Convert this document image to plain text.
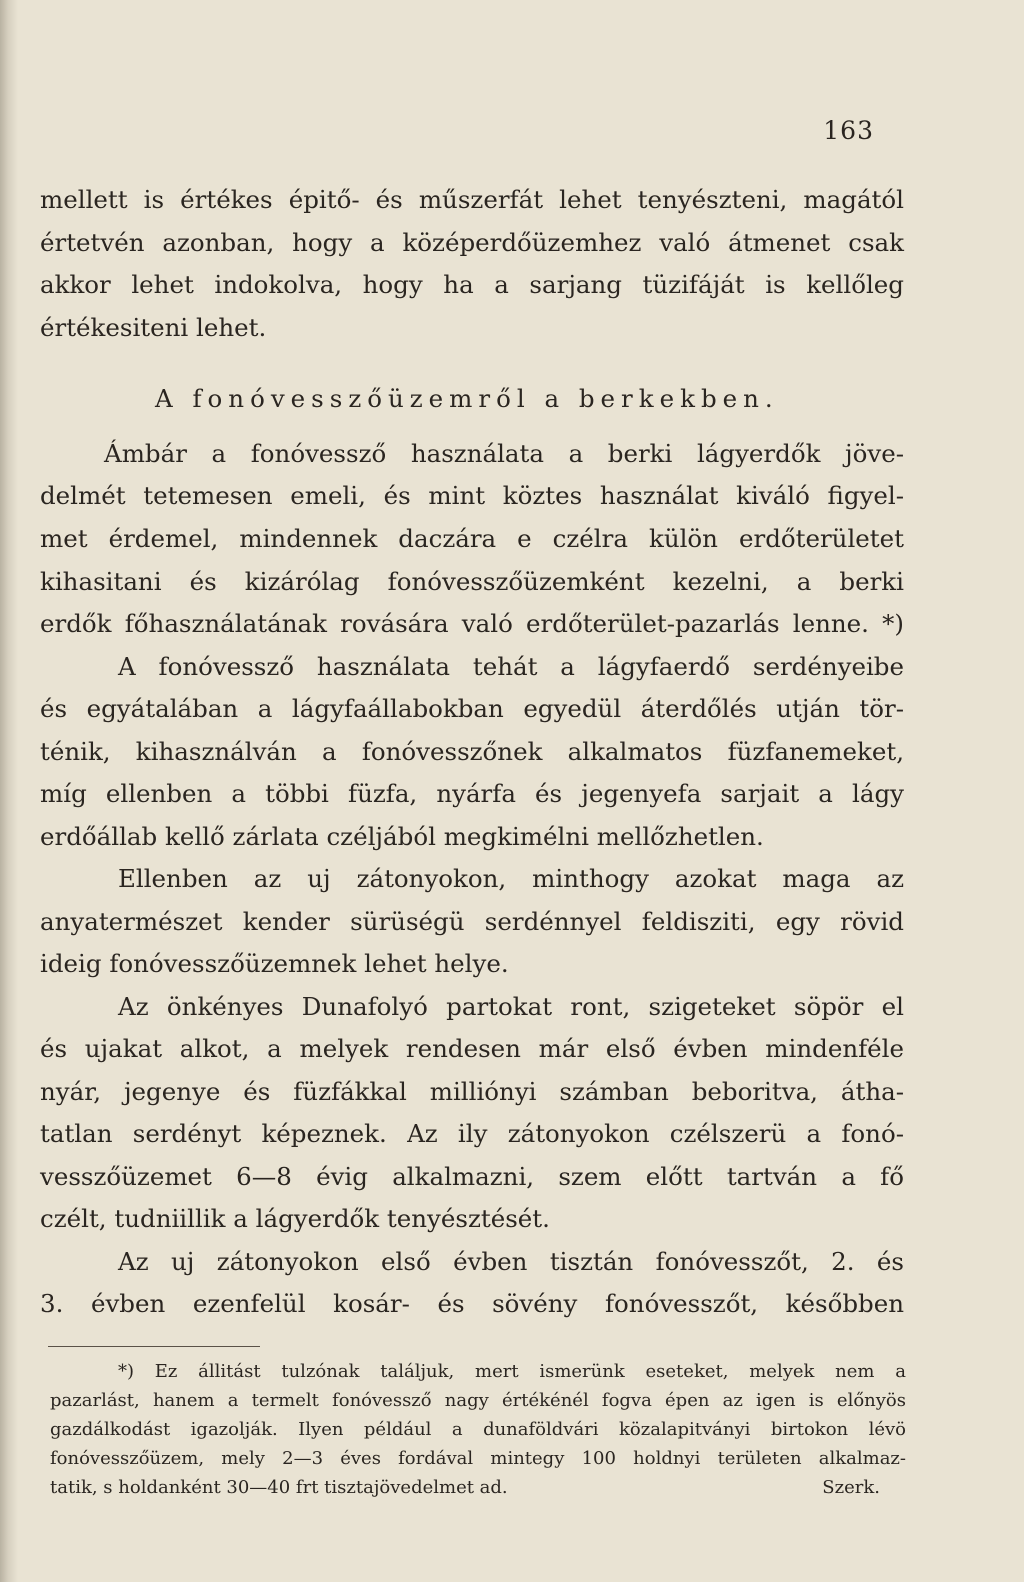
163
mellett is értékes épitő- és műszerfát lehet tenyészteni, magától
értetvén azonban, hogy a középerdőüzemhez való átmenet csak
akkor lehet indokolva, hogy ha a sarjang tüzifáját is kellőleg
értékesiteni lehet.
A fonóvesszőüzemről a berkekben.
Ámbár a fonóvessző használata a berki lágyerdők jöve-
delmét tetemesen emeli, és mint köztes használat kiváló figyel-
met érdemel, mindennek daczára e czélra külön erdőterületet
kihasitani és kizárólag fonóvesszőüzemként kezelni, a berki
erdők főhasználatának rovására való erdőterület-pazarlás lenne. *)
A fonóvessző használata tehát a lágyfaerdő serdényeibe
és egyátalában a lágyfaállabokban egyedül áterdőlés utján tör-
ténik, kihasználván a fonóvesszőnek alkalmatos füzfanemeket,
míg ellenben a többi füzfa, nyárfa és jegenyefa sarjait a lágy
erdőállab kellő zárlata czéljából megkimélni mellőzhetlen.
Ellenben az uj zátonyokon, minthogy azokat maga az
anyatermészet kender sürüségü serdénnyel feldisziti, egy rövid
ideig fonóvesszőüzemnek lehet helye.
Az önkényes Dunafolyó partokat ront, szigeteket söpör el
és ujakat alkot, a melyek rendesen már első évben mindenféle
nyár, jegenye és füzfákkal milliónyi számban beboritva, átha-
tatlan serdényt képeznek. Az ily zátonyokon czélszerü a fonó-
vesszőüzemet 6—8 évig alkalmazni, szem előtt tartván a fő
czélt, tudniillik a lágyerdők tenyésztését.
Az uj zátonyokon első évben tisztán fonóvesszőt, 2. és
3. évben ezenfelül kosár- és sövény fonóvesszőt, későbben
*) Ez állitást tulzónak találjuk, mert ismerünk eseteket, melyek nem a
pazarlást, hanem a termelt fonóvessző nagy értékénél fogva épen az igen is előnyös
gazdálkodást igazolják. Ilyen például a dunaföldvári közalapitványi birtokon lévö
fonóvesszőüzem, mely 2—3 éves fordával mintegy 100 holdnyi területen alkalmaz-
tatik, s holdanként 30—40 frt tisztajövedelmet ad.	Szerk.
